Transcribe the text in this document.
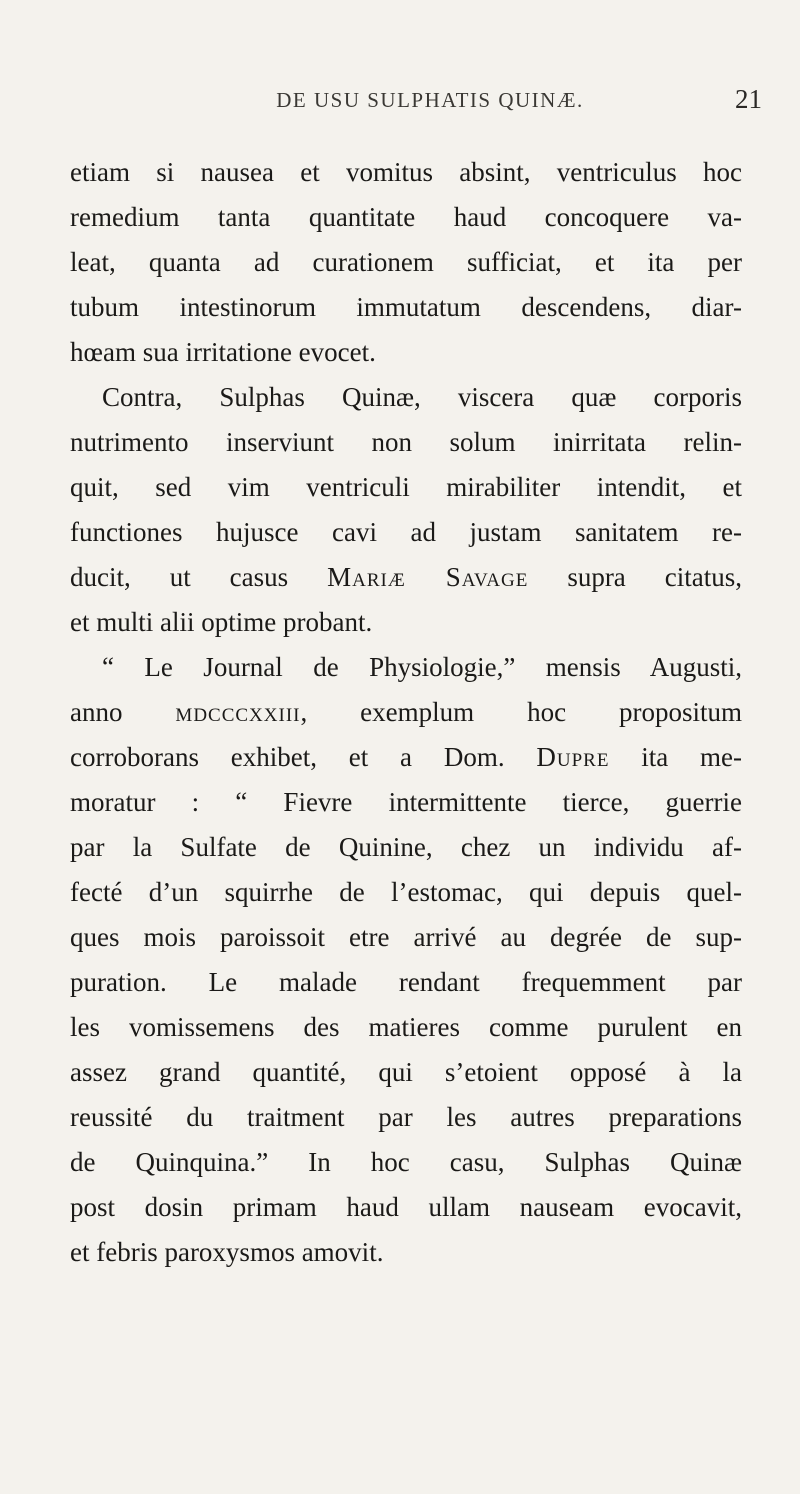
DE USU SULPHATIS QUINÆ.	21
etiam si nausea et vomitus absint, ventriculus hoc
remedium tanta quantitate haud concoquere va-
leat, quanta ad curationem sufficiat, et ita per
tubum intestinorum immutatum descendens, diar-
hœam sua irritatione evocet.
Contra, Sulphas Quinæ, viscera quæ corporis
nutrimento inserviunt non solum inirritata relin-
quit, sed vim ventriculi mirabiliter intendit, et
functiones hujusce cavi ad justam sanitatem re-
ducit, ut casus Mariæ Savage supra citatus,
et multi alii optime probant.
“ Le Journal de Physiologie,” mensis Augusti,
anno mdcccxxiii, exemplum hoc propositum
corroborans exhibet, et a Dom. Dupre ita me-
moratur : “ Fievre intermittente tierce, guerrie
par la Sulfate de Quinine, chez un individu af-
fecté d’un squirrhe de l’estomac, qui depuis quel-
ques mois paroissoit etre arrivé au degrée de sup-
puration. Le malade rendant frequemment par
les vomissemens des matieres comme purulent en
assez grand quantité, qui s’etoient opposé à la
reussité du traitment par les autres preparations
de Quinquina.” In hoc casu, Sulphas Quinæ
post dosin primam haud ullam nauseam evocavit,
et febris paroxysmos amovit.
